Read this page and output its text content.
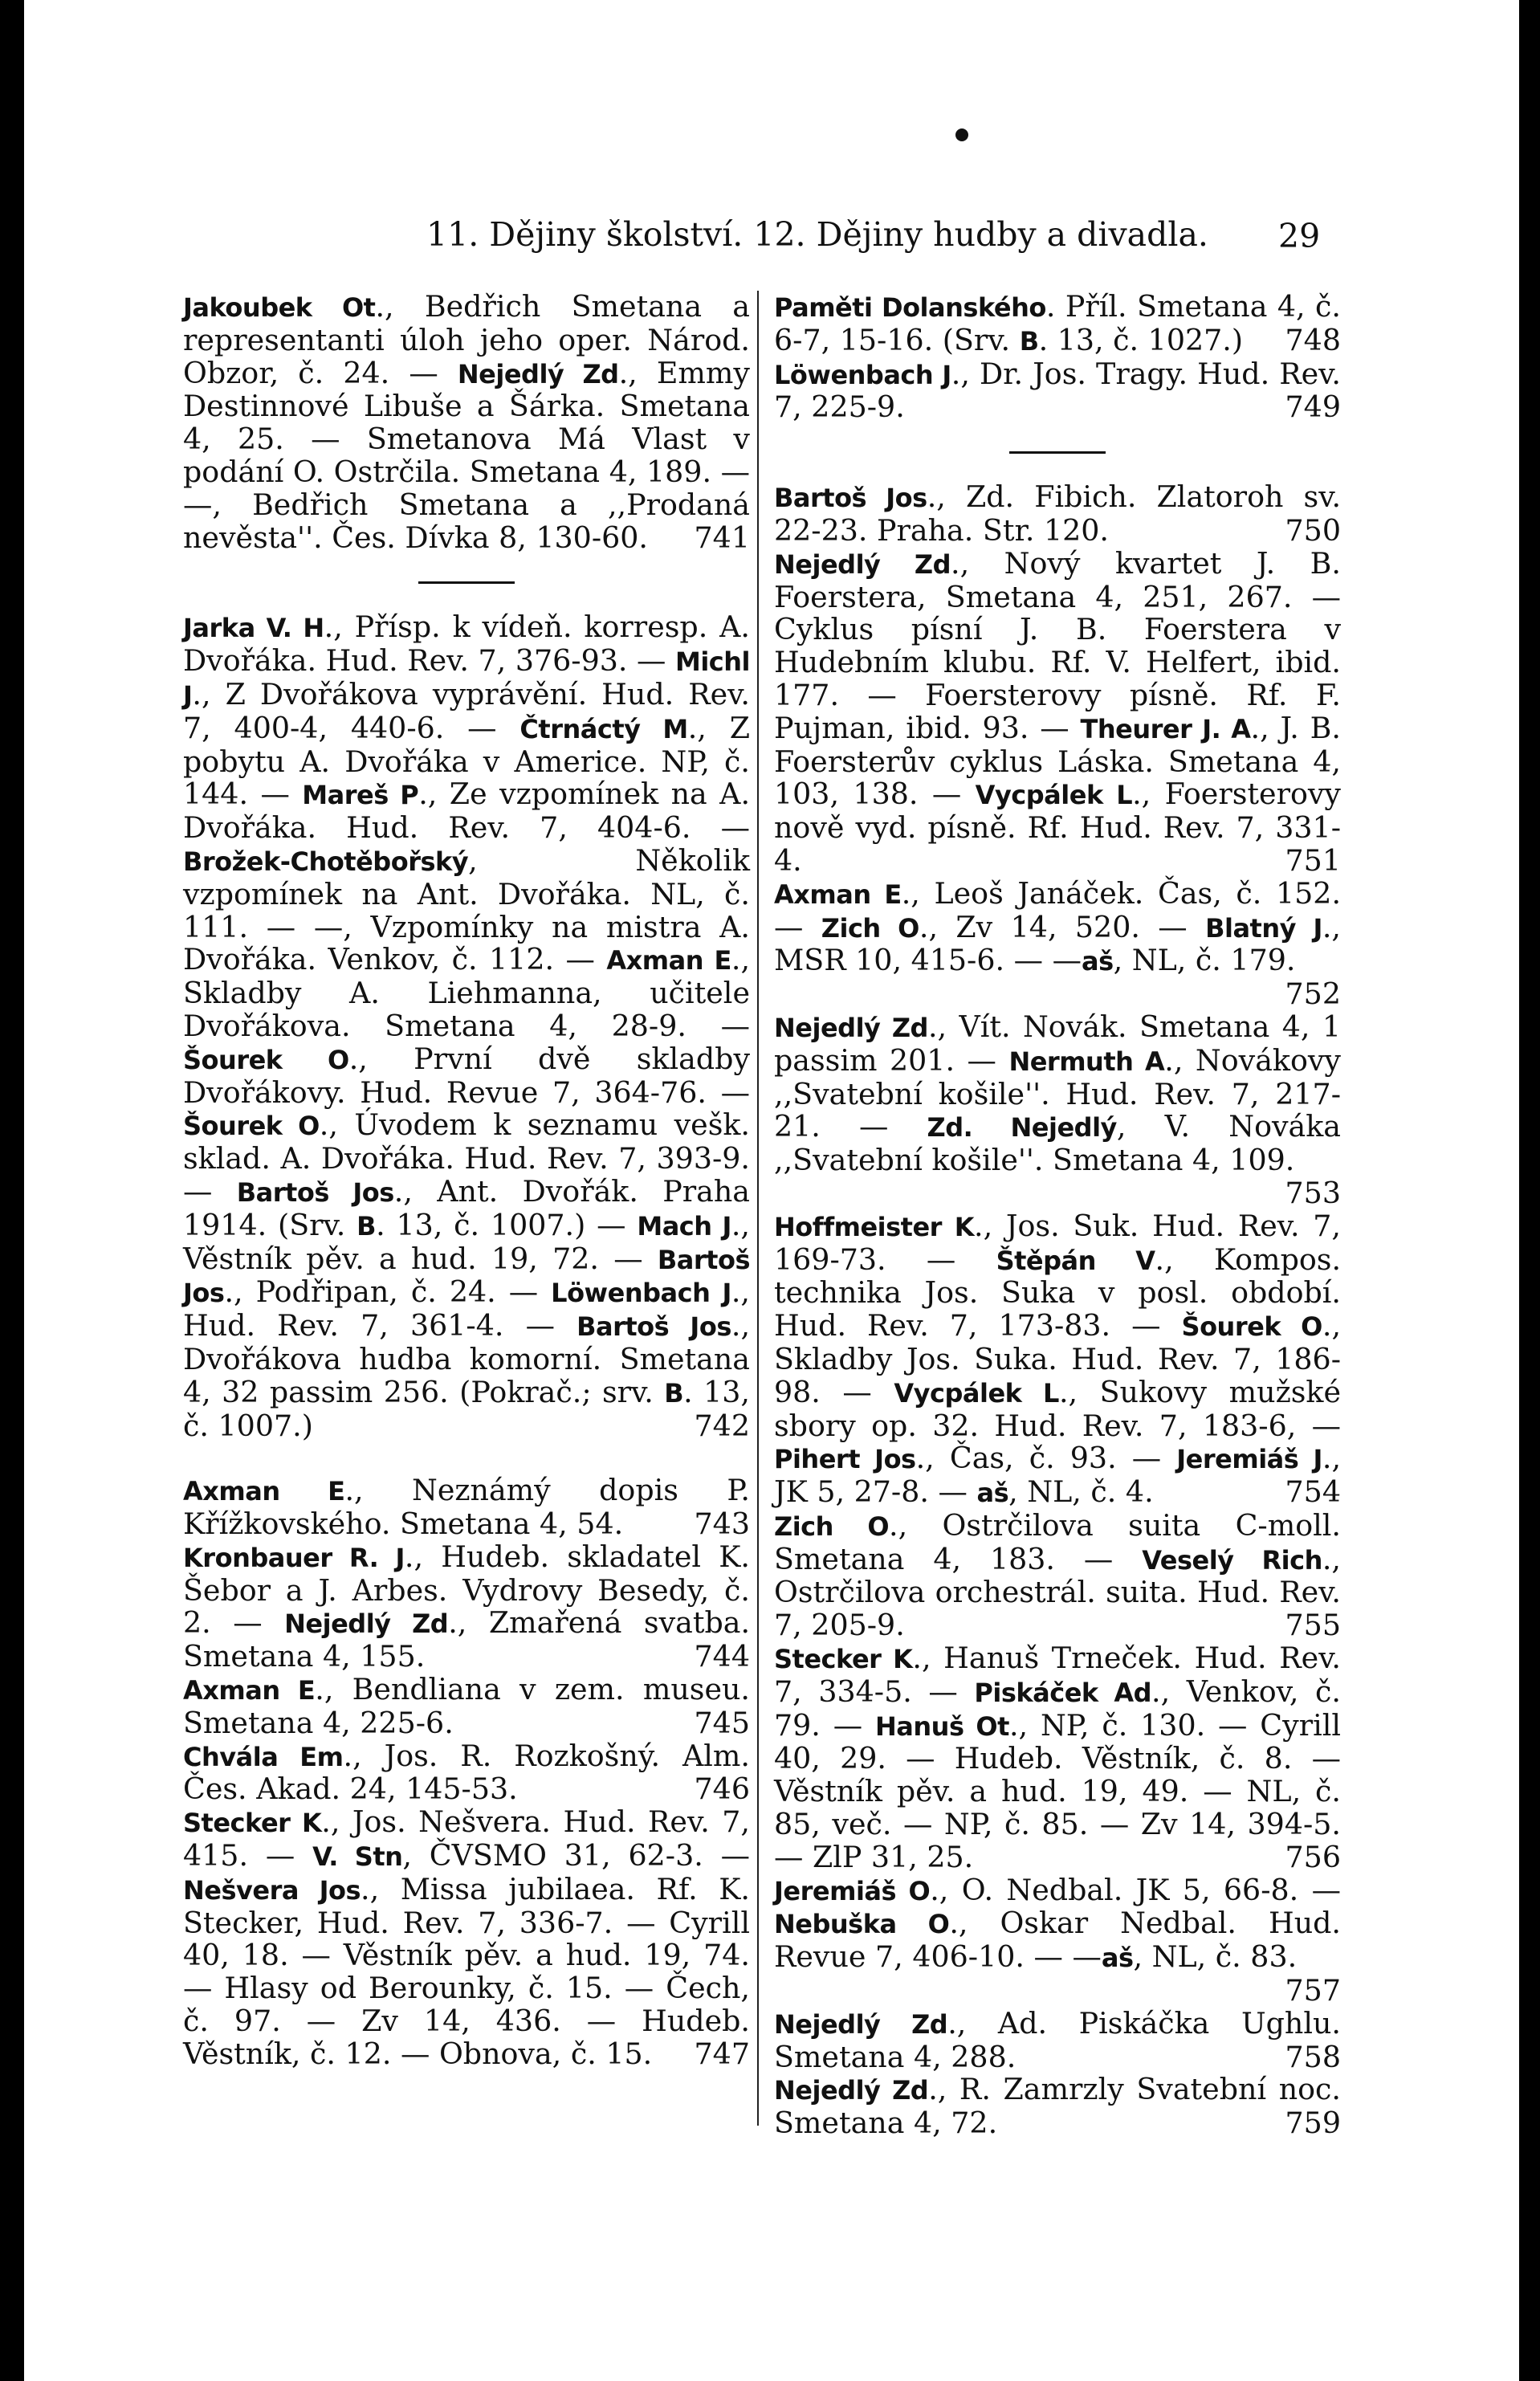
11. Dějiny školství. 12. Dějiny hudby a divadla.	29
Jakoubek Ot., Bedřich Smetana a representanti úloh jeho oper. Národ. Obzor, č. 24. — Nejedlý Zd., Emmy Destinnové Libuše a Šárka. Smetana 4, 25. — Smetanova Má Vlast v podání O. Ostrčila. Smetana 4, 189. — —, Bedřich Smetana a ,,Prodaná nevěsta''. Čes. Dívka 8, 130-60. 741
Jarka V. H., Přísp. k vídeň. korresp. A. Dvořáka. Hud. Rev. 7, 376-93. — Michl J., Z Dvořákova vyprávění. Hud. Rev. 7, 400-4, 440-6. — Čtrnáctý M., Z pobytu A. Dvořáka v Americe. NP, č. 144. — Mareš P., Ze vzpomínek na A. Dvořáka. Hud. Rev. 7, 404-6. — Brožek-Chotěbořský, Několik vzpomínek na Ant. Dvořáka. NL, č. 111. — —, Vzpomínky na mistra A. Dvořáka. Venkov, č. 112. — Axman E., Skladby A. Liehmanna, učitele Dvořákova. Smetana 4, 28-9. — Šourek O., První dvě skladby Dvořákovy. Hud. Revue 7, 364-76. — Šourek O., Úvodem k seznamu vešk. sklad. A. Dvořáka. Hud. Rev. 7, 393-9. — Bartoš Jos., Ant. Dvořák. Praha 1914. (Srv. B. 13, č. 1007.) — Mach J., Věstník pěv. a hud. 19, 72. — Bartoš Jos., Podřipan, č. 24. — Löwenbach J., Hud. Rev. 7, 361-4. — Bartoš Jos., Dvořákova hudba komorní. Smetana 4, 32 passim 256. (Pokrač.; srv. B. 13, č. 1007.)	742
Axman E., Neznámý dopis P. Křížkovského. Smetana 4, 54. 743
Kronbauer R. J., Hudeb. skladatel K. Šebor a J. Arbes. Vydrovy Besedy, č. 2. — Nejedlý Zd., Zmařená svatba. Smetana 4, 155.	744
Axman E., Bendliana v zem. museu. Smetana 4, 225-6.	745
Chvála Em., Jos. R. Rozkošný. Alm. Čes. Akad. 24, 145-53.	746
Stecker K., Jos. Nešvera. Hud. Rev. 7, 415. — V. Stn, ČVSMO 31, 62-3. — Nešvera Jos., Missa jubilaea. Rf. K. Stecker, Hud. Rev. 7, 336-7. — Cyrill 40, 18. — Věstník pěv. a hud. 19, 74. — Hlasy od Berounky, č. 15. — Čech, č. 97. — Zv 14, 436. — Hudeb. Věstník, č. 12. — Obnova, č. 15. 747
Paměti Dolanského. Příl. Smetana 4, č. 6-7, 15-16. (Srv. B. 13, č. 1027.) 748
Löwenbach J., Dr. Jos. Tragy. Hud. Rev. 7, 225-9.	749
Bartoš Jos., Zd. Fibich. Zlatoroh sv. 22-23. Praha. Str. 120.	750
Nejedlý Zd., Nový kvartet J. B. Foerstera, Smetana 4, 251, 267. — Cyklus písní J. B. Foerstera v Hudebním klubu. Rf. V. Helfert, ibid. 177. — Foersterovy písně. Rf. F. Pujman, ibid. 93. — Theurer J. A., J. B. Foersterův cyklus Láska. Smetana 4, 103, 138. — Vycpálek L., Foersterovy nově vyd. písně. Rf. Hud. Rev. 7, 331-4.	751
Axman E., Leoš Janáček. Čas, č. 152. — Zich O., Zv 14, 520. — Blatný J., MSR 10, 415-6. — —aš, NL, č. 179.
752
Nejedlý Zd., Vít. Novák. Smetana 4, 1 passim 201. — Nermuth A., Novákovy ,,Svatební košile''. Hud. Rev. 7, 217-21. — Zd. Nejedlý, V. Nováka ,,Svatební košile''. Smetana 4, 109.
753
Hoffmeister K., Jos. Suk. Hud. Rev. 7, 169-73. — Štěpán V., Kompos. technika Jos. Suka v posl. období. Hud. Rev. 7, 173-83. — Šourek O., Skladby Jos. Suka. Hud. Rev. 7, 186-98. — Vycpálek L., Sukovy mužské sbory op. 32. Hud. Rev. 7, 183-6, — Pihert Jos., Čas, č. 93. — Jeremiáš J., JK 5, 27-8. — aš, NL, č. 4.	754
Zich O., Ostrčilova suita C-moll. Smetana 4, 183. — Veselý Rich., Ostrčilova orchestrál. suita. Hud. Rev. 7, 205-9.	755
Stecker K., Hanuš Trneček. Hud. Rev. 7, 334-5. — Piskáček Ad., Venkov, č. 79. — Hanuš Ot., NP, č. 130. — Cyrill 40, 29. — Hudeb. Věstník, č. 8. — Věstník pěv. a hud. 19, 49. — NL, č. 85, več. — NP, č. 85. — Zv 14, 394-5. — ZlP 31, 25.	756
Jeremiáš O., O. Nedbal. JK 5, 66-8. — Nebuška O., Oskar Nedbal. Hud. Revue 7, 406-10. — —aš, NL, č. 83.
757
Nejedlý Zd., Ad. Piskáčka Ughlu. Smetana 4, 288.	758
Nejedlý Zd., R. Zamrzly Svatební noc. Smetana 4, 72.	759
